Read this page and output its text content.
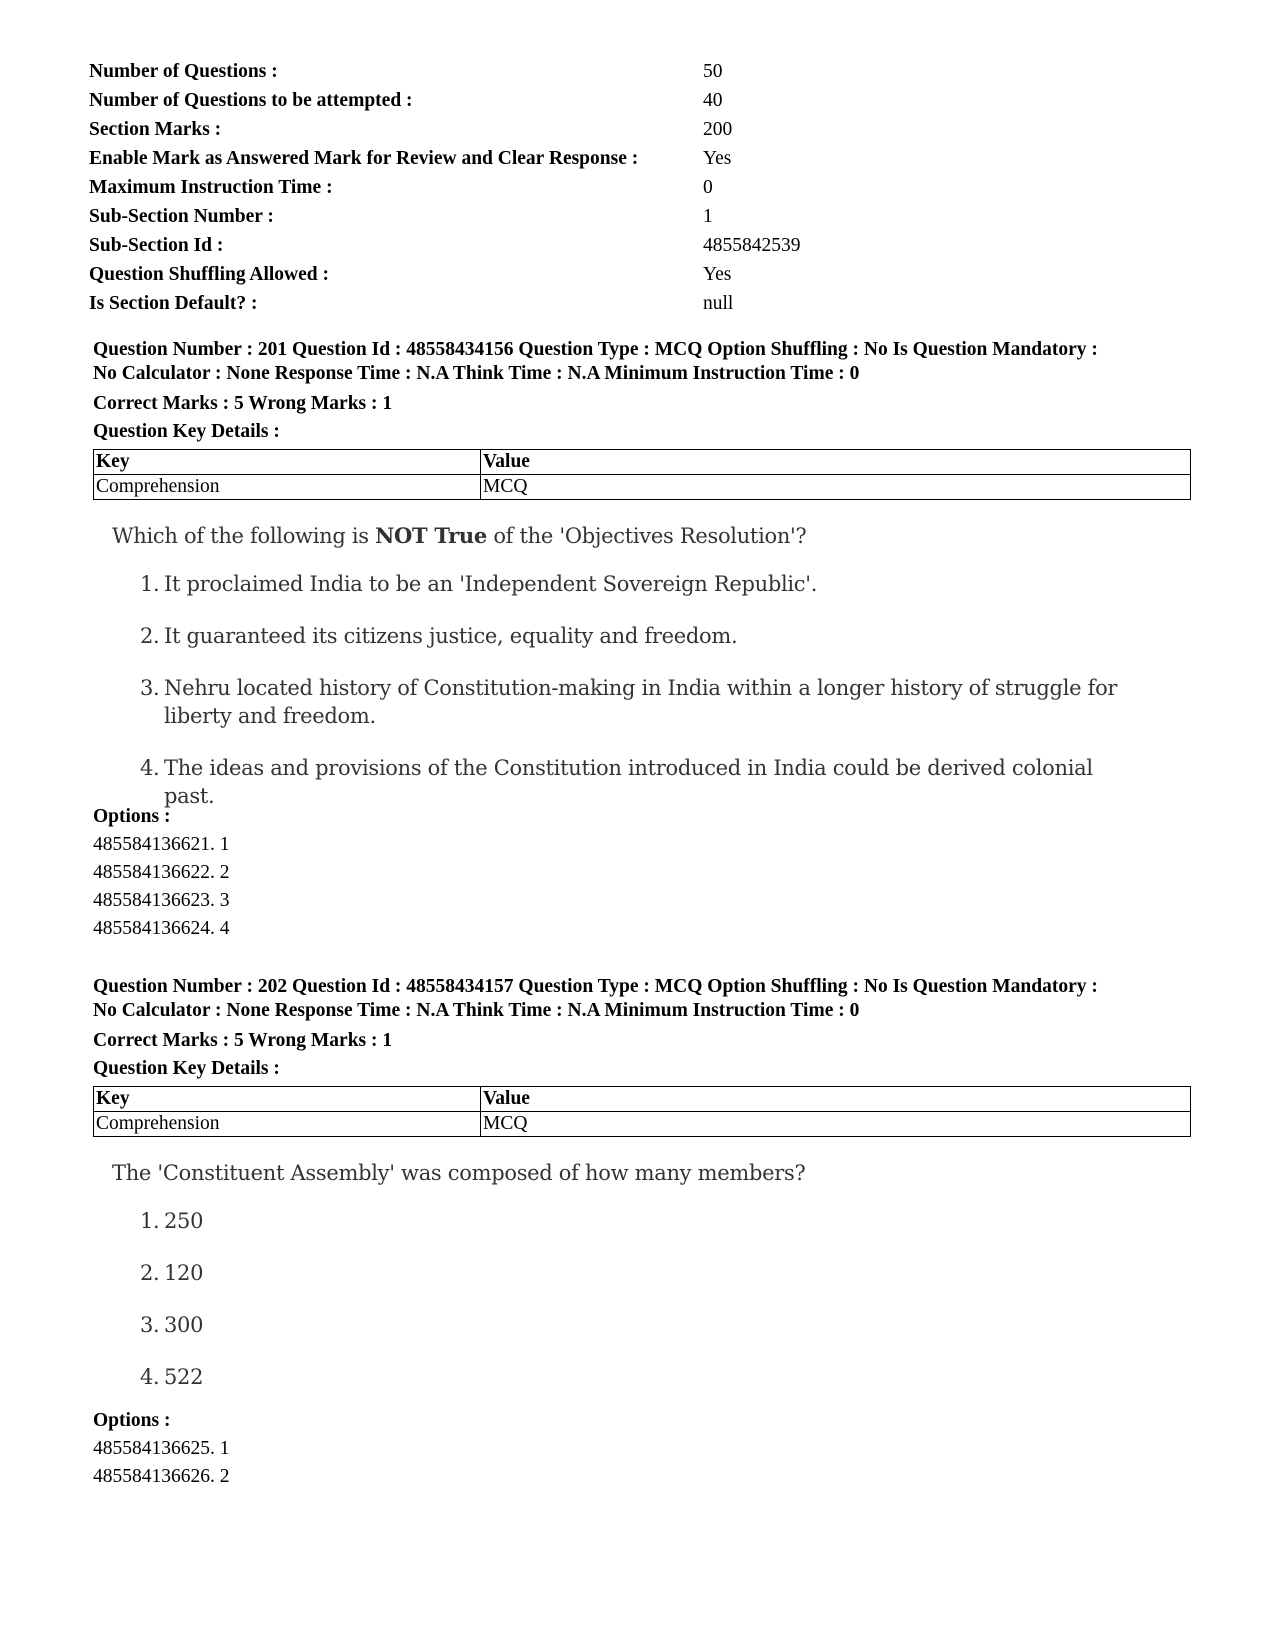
Number of Questions :	50
Number of Questions to be attempted :	40
Section Marks :	200
Enable Mark as Answered Mark for Review and Clear Response :	Yes
Maximum Instruction Time :	0
Sub-Section Number :	1
Sub-Section Id :	4855842539
Question Shuffling Allowed :	Yes
Is Section Default? :	null
Question Number : 201 Question Id : 48558434156 Question Type : MCQ Option Shuffling : No Is Question Mandatory :
No Calculator : None Response Time : N.A Think Time : N.A Minimum Instruction Time : 0
Correct Marks : 5 Wrong Marks : 1
Question Key Details :
Key	Value
Comprehension	MCQ
Which of the following is NOT True of the 'Objectives Resolution'?
1. It proclaimed India to be an 'Independent Sovereign Republic'.
2. It guaranteed its citizens justice, equality and freedom.
3. Nehru located history of Constitution-making in India within a longer history of struggle for liberty and freedom.
4. The ideas and provisions of the Constitution introduced in India could be derived colonial past.
Options :
485584136621. 1
485584136622. 2
485584136623. 3
485584136624. 4
Question Number : 202 Question Id : 48558434157 Question Type : MCQ Option Shuffling : No Is Question Mandatory :
No Calculator : None Response Time : N.A Think Time : N.A Minimum Instruction Time : 0
Correct Marks : 5 Wrong Marks : 1
Question Key Details :
Key	Value
Comprehension	MCQ
The 'Constituent Assembly' was composed of how many members?
1. 250
2. 120
3. 300
4. 522
Options :
485584136625. 1
485584136626. 2
